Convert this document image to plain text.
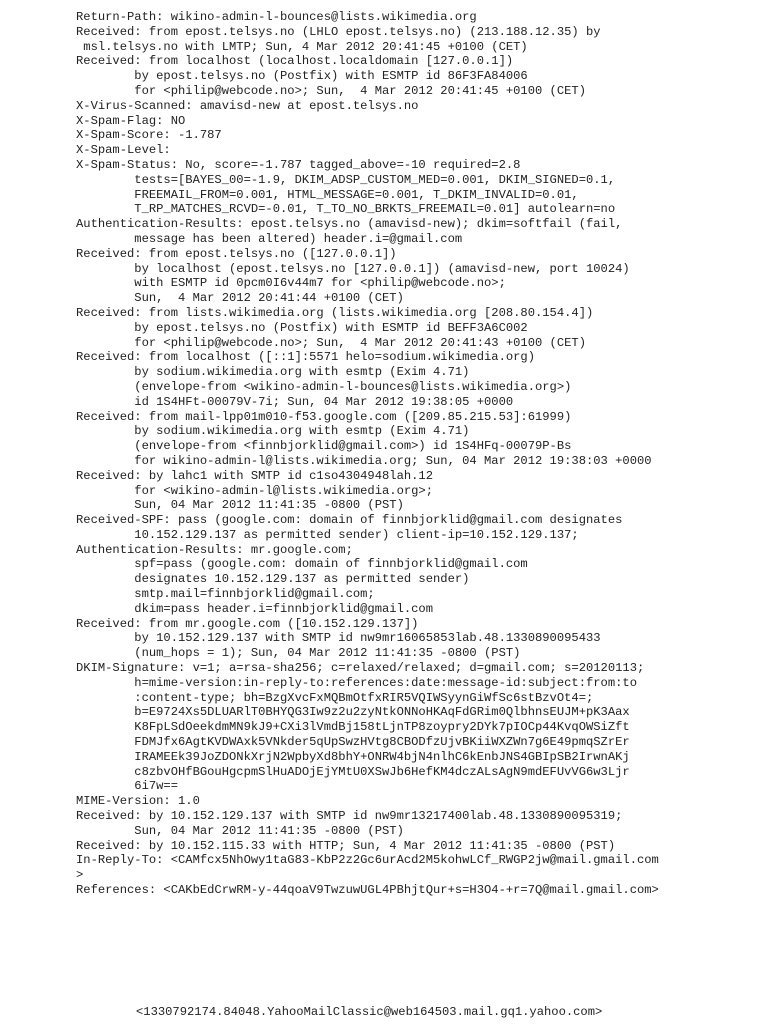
Return-Path: wikino-admin-l-bounces@lists.wikimedia.org
Received: from epost.telsys.no (LHLO epost.telsys.no) (213.188.12.35) by
msl.telsys.no with LMTP; Sun, 4 Mar 2012 20:41:45 +0100 (CET)
Received: from localhost (localhost.localdomain [127.0.0.1])
by epost.telsys.no (Postfix) with ESMTP id 86F3FA84006
for <philip@webcode.no>; Sun,  4 Mar 2012 20:41:45 +0100 (CET)
X-Virus-Scanned: amavisd-new at epost.telsys.no
X-Spam-Flag: NO
X-Spam-Score: -1.787
X-Spam-Level:
X-Spam-Status: No, score=-1.787 tagged_above=-10 required=2.8
tests=[BAYES_00=-1.9, DKIM_ADSP_CUSTOM_MED=0.001, DKIM_SIGNED=0.1,
FREEMAIL_FROM=0.001, HTML_MESSAGE=0.001, T_DKIM_INVALID=0.01,
T_RP_MATCHES_RCVD=-0.01, T_TO_NO_BRKTS_FREEMAIL=0.01] autolearn=no
Authentication-Results: epost.telsys.no (amavisd-new); dkim=softfail (fail,
message has been altered) header.i=@gmail.com
Received: from epost.telsys.no ([127.0.0.1])
by localhost (epost.telsys.no [127.0.0.1]) (amavisd-new, port 10024)
with ESMTP id 0pcm0I6v44m7 for <philip@webcode.no>;
Sun,  4 Mar 2012 20:41:44 +0100 (CET)
Received: from lists.wikimedia.org (lists.wikimedia.org [208.80.154.4])
by epost.telsys.no (Postfix) with ESMTP id BEFF3A6C002
for <philip@webcode.no>; Sun,  4 Mar 2012 20:41:43 +0100 (CET)
Received: from localhost ([::1]:5571 helo=sodium.wikimedia.org)
by sodium.wikimedia.org with esmtp (Exim 4.71)
(envelope-from <wikino-admin-l-bounces@lists.wikimedia.org>)
id 1S4HFt-00079V-7i; Sun, 04 Mar 2012 19:38:05 +0000
Received: from mail-lpp01m010-f53.google.com ([209.85.215.53]:61999)
by sodium.wikimedia.org with esmtp (Exim 4.71)
(envelope-from <finnbjorklid@gmail.com>) id 1S4HFq-00079P-Bs
for wikino-admin-l@lists.wikimedia.org; Sun, 04 Mar 2012 19:38:03 +0000
Received: by lahc1 with SMTP id c1so4304948lah.12
for <wikino-admin-l@lists.wikimedia.org>;
Sun, 04 Mar 2012 11:41:35 -0800 (PST)
Received-SPF: pass (google.com: domain of finnbjorklid@gmail.com designates
10.152.129.137 as permitted sender) client-ip=10.152.129.137;
Authentication-Results: mr.google.com;
spf=pass (google.com: domain of finnbjorklid@gmail.com
designates 10.152.129.137 as permitted sender)
smtp.mail=finnbjorklid@gmail.com;
dkim=pass header.i=finnbjorklid@gmail.com
Received: from mr.google.com ([10.152.129.137])
by 10.152.129.137 with SMTP id nw9mr16065853lab.48.1330890095433
(num_hops = 1); Sun, 04 Mar 2012 11:41:35 -0800 (PST)
DKIM-Signature: v=1; a=rsa-sha256; c=relaxed/relaxed; d=gmail.com; s=20120113;
h=mime-version:in-reply-to:references:date:message-id:subject:from:to
:content-type; bh=BzgXvcFxMQBmOtfxRIR5VQIWSyynGiWfSc6stBzvOt4=;
b=E9724Xs5DLUARlT0BHYQG3Iw9z2u2zyNtkONNoHKAqFdGRim0QlbhnsEUJM+pK3Aax
K8FpLSdOeekdmMN9kJ9+CXi3lVmdBj158tLjnTP8zoypry2DYk7pIOCp44KvqOWSiZft
FDMJfx6AgtKVDWAxk5VNkder5qUpSwzHVtg8CBODfzUjvBKiiWXZWn7g6E49pmqSZrEr
IRAMEEk39JoZDONkXrjN2WpbyXd8bhY+ONRW4bjN4nlhC6kEnbJNS4GBIpSB2IrwnAKj
c8zbvOHfBGouHgcpmSlHuADOjEjYMtU0XSwJb6HefKM4dczALsAgN9mdEFUvVG6w3Ljr
6i7w==
MIME-Version: 1.0
Received: by 10.152.129.137 with SMTP id nw9mr13217400lab.48.1330890095319;
Sun, 04 Mar 2012 11:41:35 -0800 (PST)
Received: by 10.152.115.33 with HTTP; Sun, 4 Mar 2012 11:41:35 -0800 (PST)
In-Reply-To: <CAMfcx5NhOwy1taG83-KbP2z2Gc6urAcd2M5kohwLCf_RWGP2jw@mail.gmail.com
>
References: <CAKbEdCrwRM-y-44qoaV9TwzuwUGL4PBhjtQur+s=H3O4-+r=7Q@mail.gmail.com>
<1330792174.84048.YahooMailClassic@web164503.mail.gq1.yahoo.com>
